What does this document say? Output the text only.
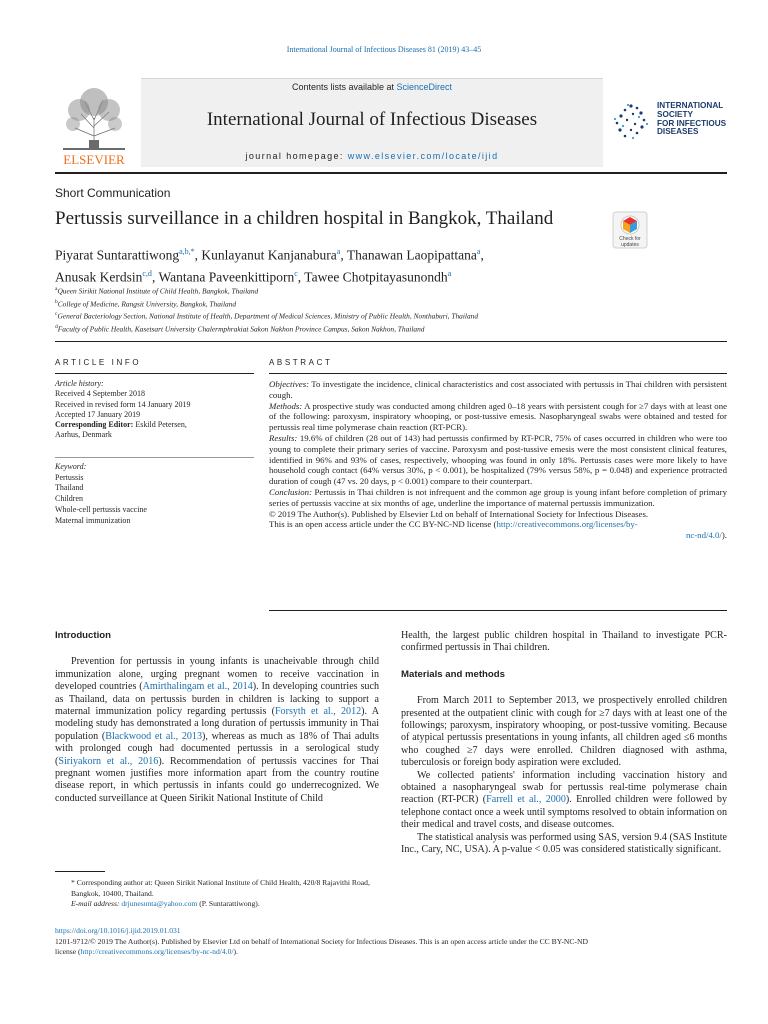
International Journal of Infectious Diseases 81 (2019) 43–45
ELSEVIER
Contents lists available at ScienceDirect
International Journal of Infectious Diseases
journal homepage: www.elsevier.com/locate/ijid
INTERNATIONAL
SOCIETY
FOR INFECTIOUS
DISEASES
Short Communication
Pertussis surveillance in a children hospital in Bangkok, Thailand
Check for updates
Piyarat Suntarattiwong$^{a,b,*}$, Kunlayanut Kanjanabura$^a$, Thanawan Laopipattana$^a$,
Anusak Kerdsin$^{c,d}$, Wantana Paveenkittiporn$^c$, Tawee Chotpitayasunondh$^a$
$^a$Queen Sirikit National Institute of Child Health, Bangkok, Thailand
$^b$College of Medicine, Rangsit University, Bangkok, Thailand
$^c$General Bacteriology Section, National Institute of Health, Department of Medical Sciences, Ministry of Public Health, Nonthaburi, Thailand
$^d$Faculty of Public Health, Kasetsart University Chalermphrakiat Sakon Nakhon Province Campus, Sakon Nakhon, Thailand
ARTICLE INFO	ABSTRACT
Article history:
Received 4 September 2018
Received in revised form 14 January 2019
Accepted 17 January 2019
Corresponding Editor: Eskild Petersen,
Aarhus, Denmark
Keyword:
Pertussis
Thailand
Children
Whole-cell pertussis vaccine
Maternal immunization

Objectives: To investigate the incidence, clinical characteristics and cost associated with pertussis in Thai children with persistent cough.

Methods: A prospective study was conducted among children aged 0–18 years with persistent cough for ≥7 days with at least one of the following: paroxysm, inspiratory whooping, or post-tussive emesis. Nasopharyngeal swabs were obtained and tested for pertussis real time polymerase chain reaction (RT-PCR).

Results: 19.6% of children (28 out of 143) had pertussis confirmed by RT-PCR, 75% of cases occurred in children who were too young to complete their primary series of vaccine. Paroxysm and post-tussive emesis were the most consistent clinical features, identified in 96% and 93% of cases, respectively, whooping was found in only 18%. Pertussis cases were more likely to have household cough contact (64% versus 30%, p < 0.001), be hospitalized (79% versus 58%, p = 0.048) and experience protracted duration of cough (47 vs. 20 days, p < 0.001) compare to their counterpart.

Conclusion: Pertussis in Thai children is not infrequent and the common age group is young infant before completion of primary series of pertussis vaccine at six months of age, underline the importance of maternal pertussis immunization.

© 2019 The Author(s). Published by Elsevier Ltd on behalf of International Society for Infectious Diseases.

This is an open access article under the CC BY-NC-ND license (http://creativecommons.org/licenses/by-

nc-nd/4.0/).

Introduction

Prevention for pertussis in young infants is unacheivable through child immunization alone, urging pregnant women to receive vaccination in developed countries (Amirthalingam et al., 2014). In developing countries such as Thailand, data on pertussis burden in children is lacking to support a maternal immunization policy regarding pertussis (Forsyth et al., 2012). A modeling study has demonstrated a long duration of pertussis immunity in Thai population (Blackwood et al., 2013), whereas as much as 18% of Thai adults with prolonged cough had documented pertussis in a serological study (Siriyakorn et al., 2016). Recommendation of pertussis vaccines for Thai pregnant women justifies more information apart from the country routine disease report, in which pertussis in infants could go underrecognized. We conducted surveillance at Queen Sirikit National Institute of Child

Health, the largest public children hospital in Thailand to investigate PCR-confirmed pertussis in Thai children.

Materials and methods

From March 2011 to September 2013, we prospectively enrolled children presented at the outpatient clinic with cough for ≥7 days with at least one of the followings; paroxysm, inspiratory whooping, or post-tussive vomiting. Because of atypical pertussis presentations in young infants, all children aged ≤6 months who coughed ≥7 days were enrolled. Children diagnosed with asthma, tuberculosis or foreign body aspiration were excluded.

We collected patients' information including vaccination history and obtained a nasopharyngeal swab for pertussis real-time polymerase chain reaction (RT-PCR) (Farrell et al., 2000). Enrolled children were followed by telephone contact once a week until symptoms resolved to obtain information on their medical and travel costs, and disease outcomes.

The statistical analysis was performed using SAS, version 9.4 (SAS Institute Inc., Cary, NC, USA). A p-value < 0.05 was considered statistically significant.

* Corresponding author at: Queen Sirikit National Institute of Child Health, 420/8 Rajavithi Road, Bangkok, 10400, Thailand.
E-mail address: drjunesunta@yahoo.com (P. Suntarattiwong).
https://doi.org/10.1016/j.ijid.2019.01.031
1201-9712/© 2019 The Author(s). Published by Elsevier Ltd on behalf of International Society for Infectious Diseases. This is an open access article under the CC BY-NC-ND
license (http://creativecommons.org/licenses/by-nc-nd/4.0/).
